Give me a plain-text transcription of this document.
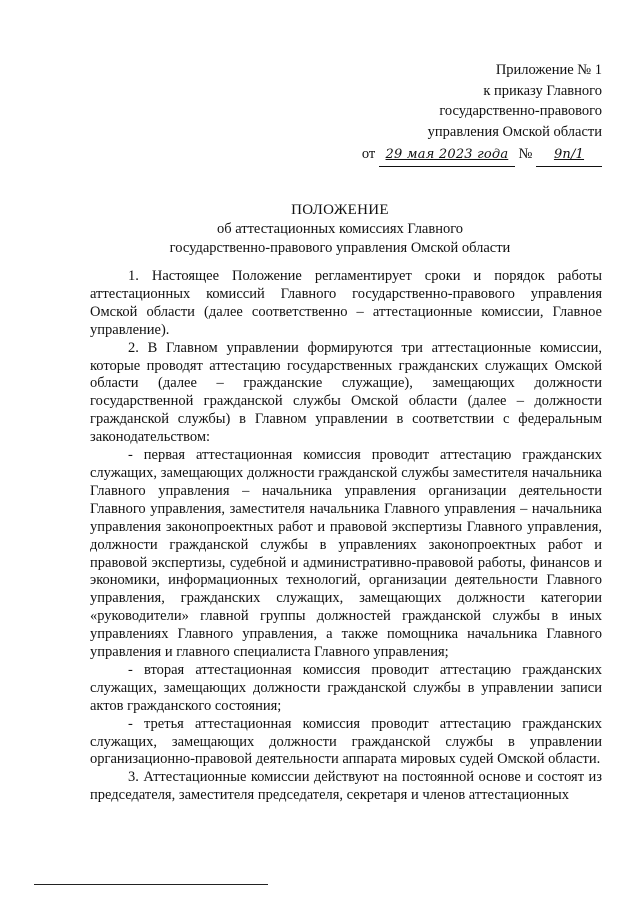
Приложение № 1
к приказу Главного
государственно-правового
управления Омской области
от 29 мая 2023 года № 9п/1
ПОЛОЖЕНИЕ
об аттестационных комиссиях Главного
государственно-правового управления Омской области

1. Настоящее Положение регламентирует сроки и порядок работы аттестационных комиссий Главного государственно-правового управления Омской области (далее соответственно – аттестационные комиссии, Главное управление).

2. В Главном управлении формируются три аттестационные комиссии, которые проводят аттестацию государственных гражданских служащих Омской области (далее – гражданские служащие), замещающих должности государственной гражданской службы Омской области (далее – должности гражданской службы) в Главном управлении в соответствии с федеральным законодательством:

- первая аттестационная комиссия проводит аттестацию гражданских служащих, замещающих должности гражданской службы заместителя начальника Главного управления – начальника управления организации деятельности Главного управления, заместителя начальника Главного управления – начальника управления законопроектных работ и правовой экспертизы Главного управления, должности гражданской службы в управлениях законопроектных работ и правовой экспертизы, судебной и административно-правовой работы, финансов и экономики, информационных технологий, организации деятельности Главного управления, гражданских служащих, замещающих должности категории «руководители» главной группы должностей гражданской службы в иных управлениях Главного управления, а также помощника начальника Главного управления и главного специалиста Главного управления;

- вторая аттестационная комиссия проводит аттестацию гражданских служащих, замещающих должности гражданской службы в управлении записи актов гражданского состояния;

- третья аттестационная комиссия проводит аттестацию гражданских служащих, замещающих должности гражданской службы в управлении организационно-правовой деятельности аппарата мировых судей Омской области.

3. Аттестационные комиссии действуют на постоянной основе и состоят из председателя, заместителя председателя, секретаря и членов аттестационных
